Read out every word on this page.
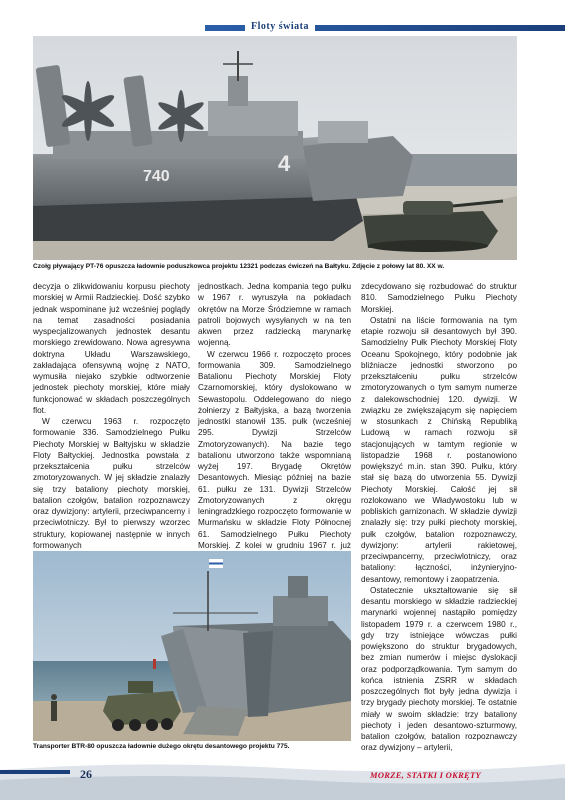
Floty świata
740
4
Czołg pływający PT-76 opuszcza ładownie poduszkowca projektu 12321 podczas ćwiczeń na Bałtyku. Zdjęcie z połowy lat 80. XX w.

decyzja o zlikwidowaniu korpusu piechoty morskiej w Armii Radzieckiej. Dość szybko jednak wspominane już wcześniej poglądy na temat zasadności posiadania wyspecjalizowanych jednostek desantu morskiego zrewidowano. Nowa agresywna doktryna Układu Warszawskiego, zakładająca ofensywną wojnę z NATO, wymusiła niejako szybkie odtworzenie jednostek piechoty morskiej, które miały funkcjonować w składach poszczególnych flot.

W czerwcu 1963 r. rozpoczęto formowanie 336. Samodzielnego Pułku Piechoty Morskiej w Bałtyjsku w składzie Floty Bałtyckiej. Jednostka powstała z przekształcenia pułku strzelców zmotoryzowanych. W jej składzie znalazły się trzy bataliony piechoty morskiej, batalion czołgów, batalion rozpoznawczy oraz dywizjony: artylerii, przeciwpancerny i przeciwlotniczy. Był to pierwszy wzorzec struktury, kopiowanej następnie w innych formowanych

jednostkach. Jedna kompania tego pułku w 1967 r. wyruszyła na pokładach okrętów na Morze Śródziemne w ramach patroli bojowych wysyłanych w na ten akwen przez radziecką marynarkę wojenną.

W czerwcu 1966 r. rozpoczęto proces formowania 309. Samodzielnego Batalionu Piechoty Morskiej Floty Czarnomorskiej, który dyslokowano w Sewastopolu. Oddelegowano do niego żołnierzy z Bałtyjska, a bazą tworzenia jednostki stanowił 135. pułk (wcześniej 295. Dywizji Strzelców Zmotoryzowanych). Na bazie tego batalionu utworzono także wspomnianą wyżej 197. Brygadę Okrętów Desantowych. Miesiąc później na bazie 61. pułku ze 131. Dywizji Strzelców Zmotoryzowanych z okręgu leningradzkiego rozpoczęto formowanie w Murmańsku w składzie Floty Północnej 61. Samodzielnego Pułku Piechoty Morskiej. Z kolei w grudniu 1967 r. już

zdecydowano się rozbudować do struktur 810. Samodzielnego Pułku Piechoty Morskiej.

Ostatni na liście formowania na tym etapie rozwoju sił desantowych był 390. Samodzielny Pułk Piechoty Morskiej Floty Oceanu Spokojnego, który podobnie jak bliźniacze jednostki stworzono po przekształceniu pułku strzelców zmotoryzowanych o tym samym numerze z dalekowschodniej 120. dywizji. W związku ze zwiększającym się napięciem w stosunkach z Chińską Republiką Ludową w ramach rozwoju sił stacjonujących w tamtym regionie w listopadzie 1968 r. postanowiono powiększyć m.in. stan 390. Pułku, który stał się bazą do utworzenia 55. Dywizji Piechoty Morskiej. Całość jej sił rozlokowano we Władywostoku lub w pobliskich garnizonach. W składzie dywizji znalazły się: trzy pułki piechoty morskiej, pułk czołgów, batalion rozpoznawczy, dywizjony: artylerii rakietowej, przeciwpancerny, przeciwlotniczy, oraz bataliony: łączności, inżynieryjno-desantowy, remontowy i zaopatrzenia.

Ostatecznie ukształtowanie się sił desantu morskiego w składzie radzieckiej marynarki wojennej nastąpiło pomiędzy listopadem 1979 r. a czerwcem 1980 r., gdy trzy istniejące wówczas pułki powiększono do struktur brygadowych, bez zmian numerów i miejsc dyslokacji oraz podporządkowania. Tym samym do końca istnienia ZSRR w składach poszczególnych flot były jedna dywizja i trzy brygady piechoty morskiej. Te ostatnie miały w swoim składzie: trzy bataliony piechoty i jeden desantowo-szturmowy, batalion czołgów, batalion rozpoznawczy oraz dywizjony – artylerii,

Transporter BTR-80 opuszcza ładownie dużego okrętu desantowego projektu 775.
26	MORZE, STATKI I OKRĘTY
